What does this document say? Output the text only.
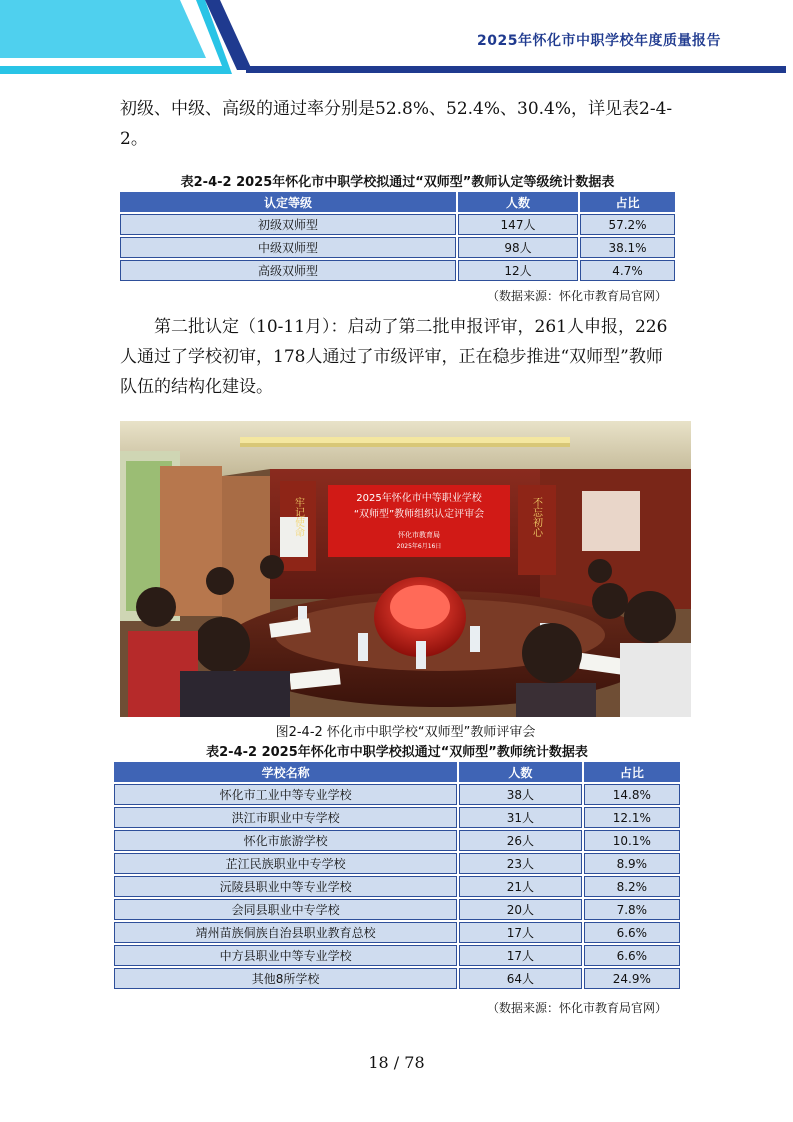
2025年怀化市中职学校年度质量报告

初级、中级、高级的通过率分别是52.8%、52.4%、30.4%，详见表2-4-2。

表2-4-2 2025年怀化市中职学校拟通过“双师型”教师认定等级统计数据表
认定等级	人数	占比
初级双师型	147人	57.2%
中级双师型	98人	38.1%
高级双师型	12人	4.7%
（数据来源：怀化市教育局官网）

第二批认定（10-11月）：启动了第二批申报评审，261人申报，226人通过了学校初审，178人通过了市级评审，正在稳步推进“双师型”教师队伍的结构化建设。

2025年怀化市中等职业学校
“双师型”教师组织认定评审会
怀化市教育局
2025年6月16日
牢记使命	不忘初心
图2-4-2 怀化市中职学校“双师型”教师评审会
表2-4-2 2025年怀化市中职学校拟通过“双师型”教师统计数据表
学校名称	人数	占比
怀化市工业中等专业学校	38人	14.8%
洪江市职业中专学校	31人	12.1%
怀化市旅游学校	26人	10.1%
芷江民族职业中专学校	23人	8.9%
沅陵县职业中等专业学校	21人	8.2%
会同县职业中专学校	20人	7.8%
靖州苗族侗族自治县职业教育总校	17人	6.6%
中方县职业中等专业学校	17人	6.6%
其他8所学校	64人	24.9%
（数据来源：怀化市教育局官网）
18 / 78
